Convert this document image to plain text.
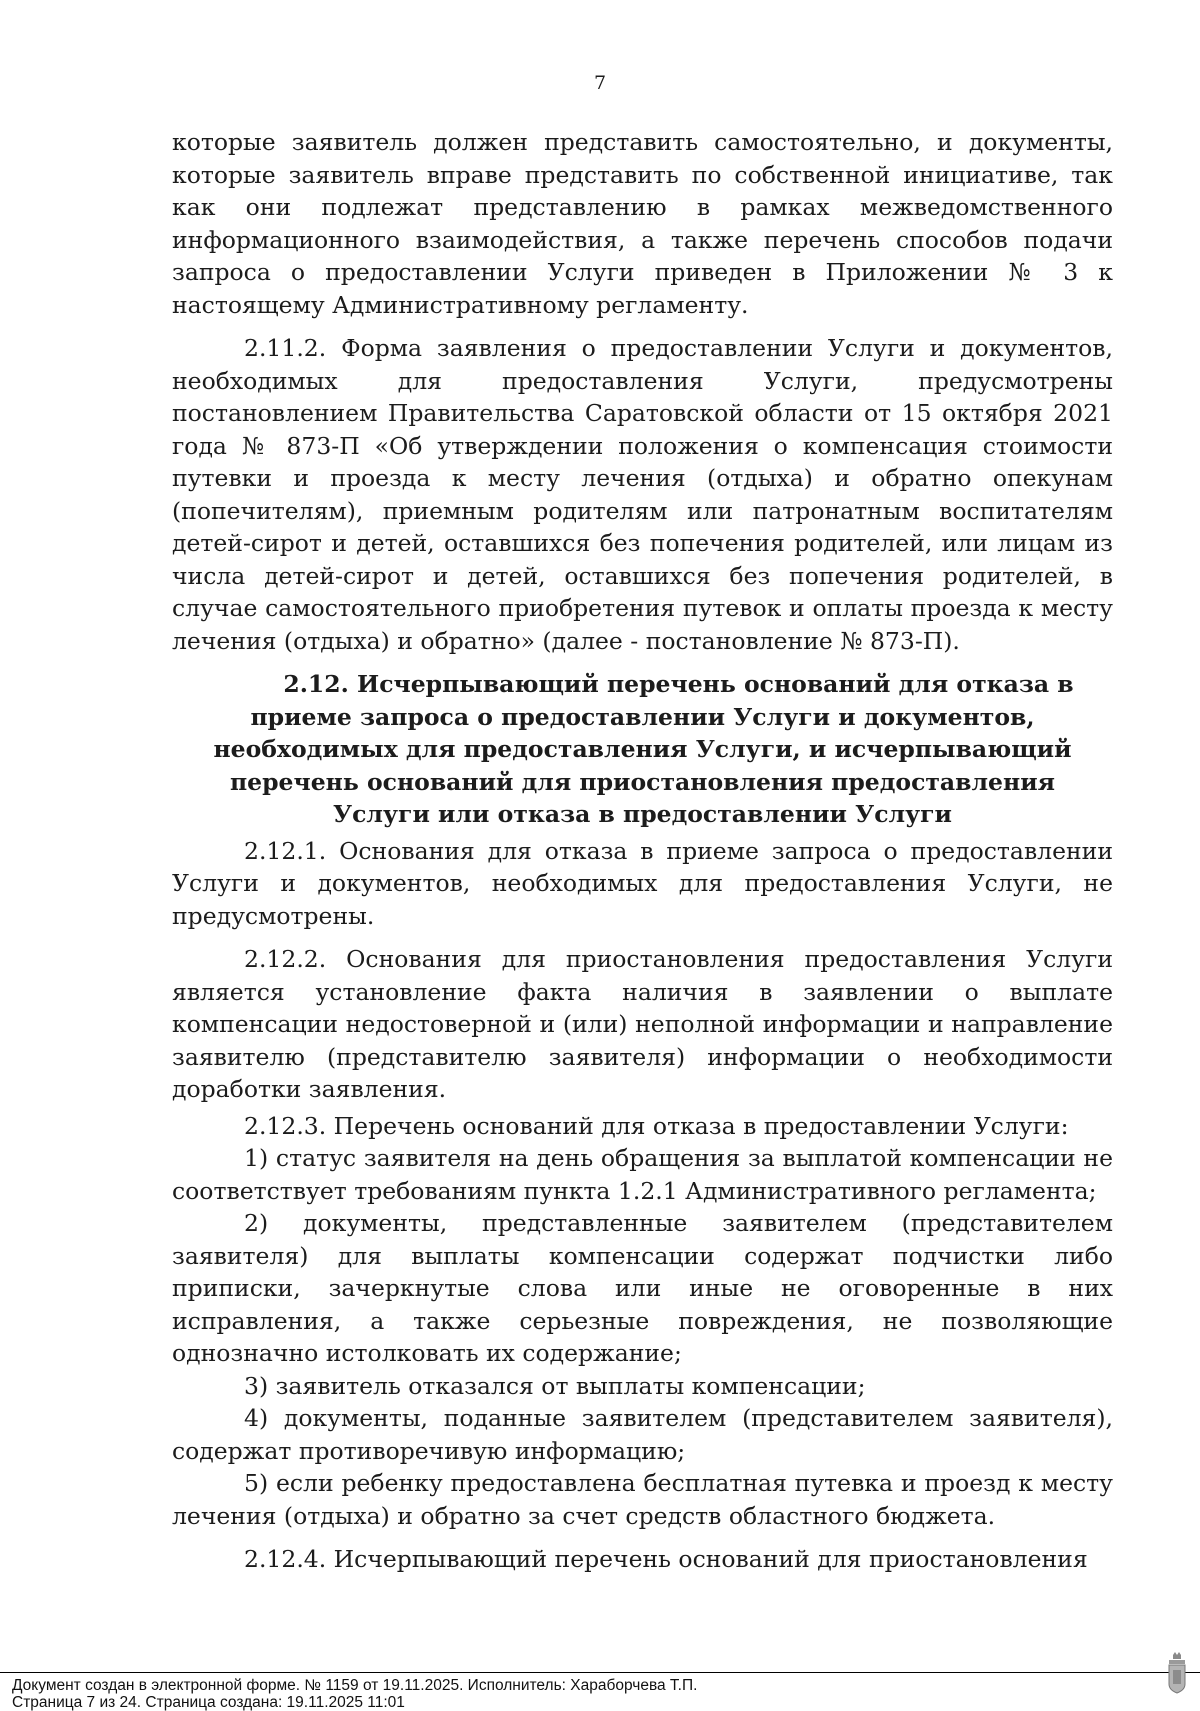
7

которые заявитель должен представить самостоятельно, и документы, которые заявитель вправе представить по собственной инициативе, так как они подлежат представлению в рамках межведомственного информационного взаимодействия, а также перечень способов подачи запроса о предоставлении Услуги приведен в Приложении № 3 к настоящему Административному регламенту.

2.11.2. Форма заявления о предоставлении Услуги и документов, необходимых для предоставления Услуги, предусмотрены постановлением Правительства Саратовской области от 15 октября 2021 года № 873-П «Об утверждении положения о компенсация стоимости путевки и проезда к месту лечения (отдыха) и обратно опекунам (попечителям), приемным родителям или патронатным воспитателям детей-сирот и детей, оставшихся без попечения родителей, или лицам из числа детей-сирот и детей, оставшихся без попечения родителей, в случае самостоятельного приобретения путевок и оплаты проезда к месту лечения (отдыха) и обратно» (далее - постановление № 873-П).

2.12. Исчерпывающий перечень оснований для отказа в приеме запроса о предоставлении Услуги и документов, необходимых для предоставления Услуги, и исчерпывающий перечень оснований для приостановления предоставления Услуги или отказа в предоставлении Услуги

2.12.1. Основания для отказа в приеме запроса о предоставлении Услуги и документов, необходимых для предоставления Услуги, не предусмотрены.

2.12.2. Основания для приостановления предоставления Услуги является установление факта наличия в заявлении о выплате компенсации недостоверной и (или) неполной информации и направление заявителю (представителю заявителя) информации о необходимости доработки заявления.

2.12.3. Перечень оснований для отказа в предоставлении Услуги:

1) статус заявителя на день обращения за выплатой компенсации не соответствует требованиям пункта 1.2.1 Административного регламента;

2) документы, представленные заявителем (представителем заявителя) для выплаты компенсации содержат подчистки либо приписки, зачеркнутые слова или иные не оговоренные в них исправления, а также серьезные повреждения, не позволяющие однозначно истолковать их содержание;

3) заявитель отказался от выплаты компенсации;

4) документы, поданные заявителем (представителем заявителя), содержат противоречивую информацию;

5) если ребенку предоставлена бесплатная путевка и проезд к месту лечения (отдыха) и обратно за счет средств областного бюджета.

2.12.4. Исчерпывающий перечень оснований для приостановления

Документ создан в электронной форме. № 1159 от 19.11.2025. Исполнитель: Хараборчева Т.П.
Страница 7 из 24. Страница создана: 19.11.2025 11:01
